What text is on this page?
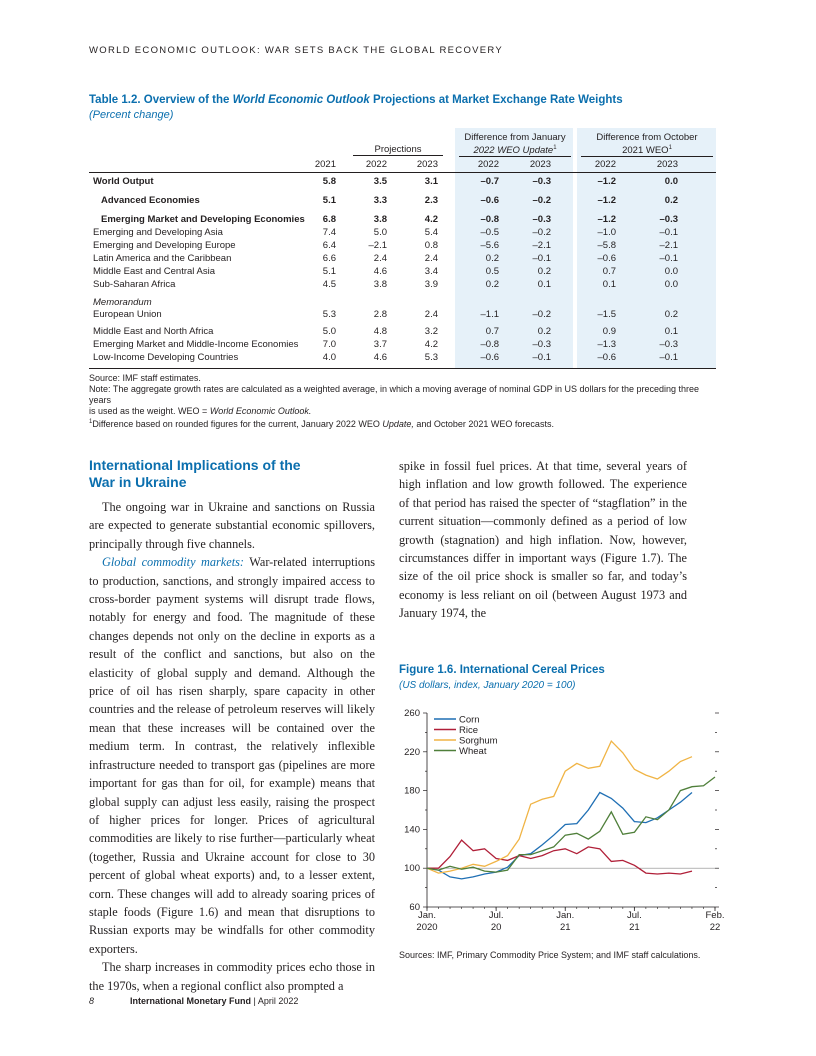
WORLD ECONOMIC OUTLOOK: WAR SETS BACK THE GLOBAL RECOVERY
Table 1.2. Overview of the World Economic Outlook Projections at Market Exchange Rate Weights
(Percent change)
Projections
Difference from January
2022 WEO Update$^1$
Difference from October
2021 WEO$^1$
2021	2022	2023	2022	2023	2022	2023
World Output	5.8	3.5	3.1	–0.7	–0.3	–1.2	0.0
Advanced Economies	5.1	3.3	2.3	–0.6	–0.2	–1.2	0.2
Emerging Market and Developing Economies	6.8	3.8	4.2	–0.8	–0.3	–1.2	–0.3
Emerging and Developing Asia	7.4	5.0	5.4	–0.5	–0.2	–1.0	–0.1
Emerging and Developing Europe	6.4	–2.1	0.8	–5.6	–2.1	–5.8	–2.1
Latin America and the Caribbean	6.6	2.4	2.4	0.2	–0.1	–0.6	–0.1
Middle East and Central Asia	5.1	4.6	3.4	0.5	0.2	0.7	0.0
Sub-Saharan Africa	4.5	3.8	3.9	0.2	0.1	0.1	0.0
European Union	5.3	2.8	2.4	–1.1	–0.2	–1.5	0.2
Middle East and North Africa	5.0	4.8	3.2	0.7	0.2	0.9	0.1
Emerging Market and Middle-Income Economies	7.0	3.7	4.2	–0.8	–0.3	–1.3	–0.3
Low-Income Developing Countries	4.0	4.6	5.3	–0.6	–0.1	–0.6	–0.1
Memorandum
Source: IMF staff estimates.
Note: The aggregate growth rates are calculated as a weighted average, in which a moving average of nominal GDP in US dollars for the preceding three years
is used as the weight. WEO = World Economic Outlook.
$^1$Difference based on rounded figures for the current, January 2022 WEO Update, and October 2021 WEO forecasts.
International Implications of the
War in Ukraine

The ongoing war in Ukraine and sanctions on Russia are expected to generate substantial economic spillovers, principally through five channels.

Global commodity markets: War-related interruptions to production, sanctions, and strongly impaired access to cross-border payment systems will disrupt trade flows, notably for energy and food. The magnitude of these changes depends not only on the decline in exports as a result of the conflict and sanctions, but also on the elasticity of global supply and demand. Although the price of oil has risen sharply, spare capacity in other countries and the release of petroleum reserves will likely mean that these increases will be contained over the medium term. In contrast, the relatively inflexible infrastructure needed to transport gas (pipelines are more important for gas than for oil, for example) means that global supply can adjust less easily, raising the prospect of higher prices for longer. Prices of agricultural commodities are likely to rise further—particularly wheat (together, Russia and Ukraine account for close to 30 percent of global wheat exports) and, to a lesser extent, corn. These changes will add to already soaring prices of staple foods (Figure 1.6) and mean that disruptions to Russian exports may be windfalls for other commodity exporters.

The sharp increases in commodity prices echo those in the 1970s, when a regional conflict also prompted a

spike in fossil fuel prices. At that time, several years of high inflation and low growth followed. The experience of that period has raised the specter of “stagflation” in the current situation—commonly defined as a period of low growth (stagnation) and high inflation. Now, however, circumstances differ in important ways (Figure 1.7). The size of the oil price shock is smaller so far, and today’s economy is less reliant on oil (between August 1973 and January 1974, the
Figure 1.6. International Cereal Prices
(US dollars, index, January 2020 = 100)
60
100
140
180
220
260
Jan.
2020
Jul.
20
Jan.
21
Jul.
21
Feb.
22
Corn
Rice
Sorghum
Wheat
Sources: IMF, Primary Commodity Price System; and IMF staff calculations.
8	International Monetary Fund | April 2022
